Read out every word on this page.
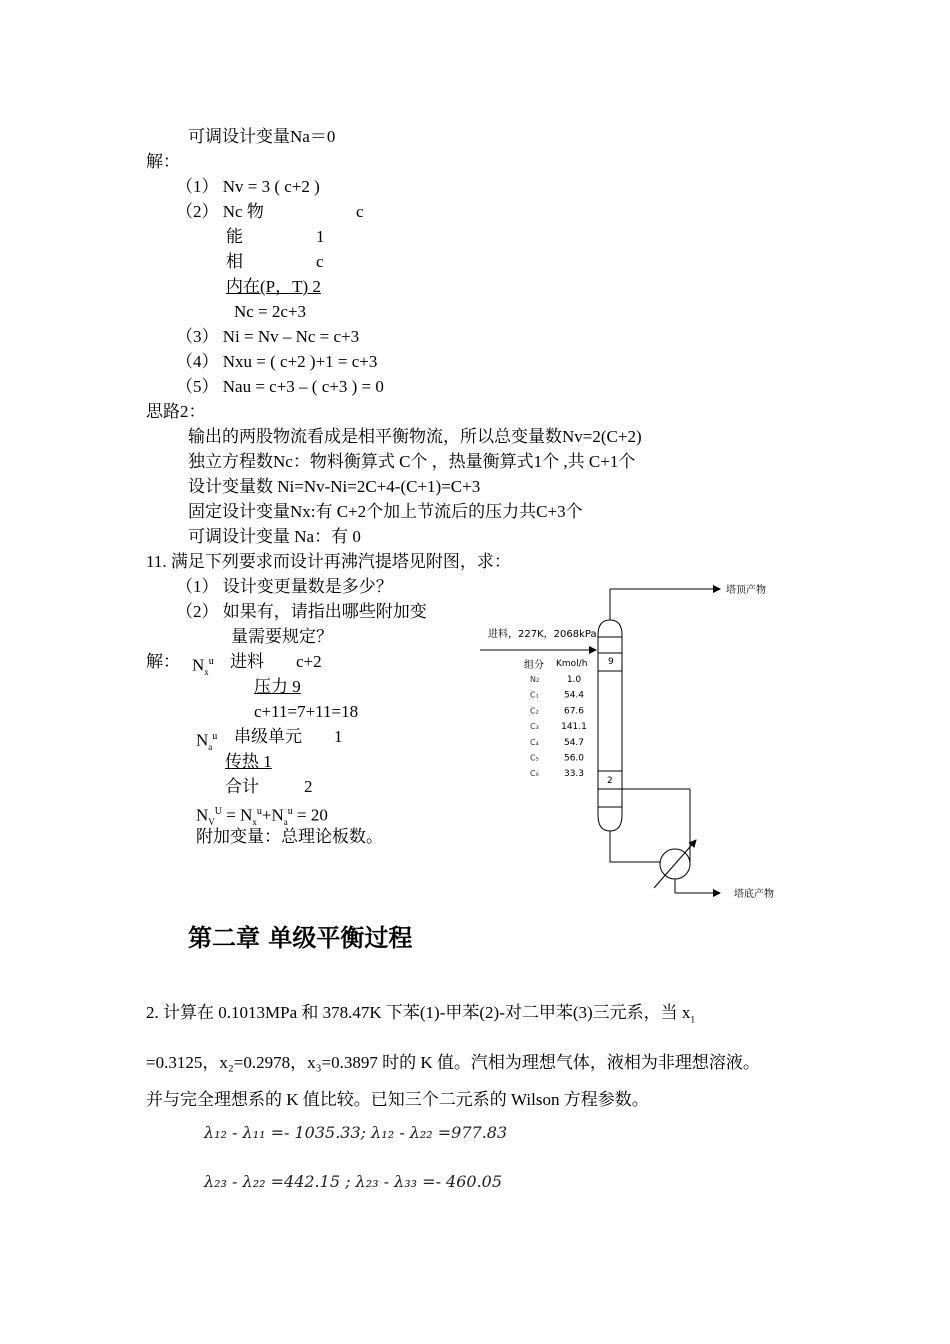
可调设计变量Na＝0
解：
（1） Nv = 3 ( c+2 )
（2） Nc 物	c
能	1
相	c
内在(P，T) 2
Nc = 2c+3
（3） Ni = Nv – Nc = c+3
（4） Nxu = ( c+2 )+1 = c+3
（5） Nau = c+3 – ( c+3 ) = 0
思路2：
输出的两股物流看成是相平衡物流，所以总变量数Nv=2(C+2)
独立方程数Nc：物料衡算式 C个 ，热量衡算式1个 ,共 C+1个
设计变量数 Ni=Nv-Ni=2C+4-(C+1)=C+3
固定设计变量Nx:有 C+2个加上节流后的压力共C+3个
可调设计变量 Na：有 0
11. 满足下列要求而设计再沸汽提塔见附图，求：
（1） 设计变更量数是多少？
（2） 如果有，请指出哪些附加变
量需要规定？
解： $N_x^u$ 进料 c+2
压力 9
c+11=7+11=18
$N_a^u$ 串级单元 1
传热 1
合计	2
$N_V^U = N_x^u+N_a^u = 20$
附加变量：总理论板数。
塔顶产物
9
2
进料，227K，2068kPa
组分 Kmol/h
N₂	1.0
C₁	54.4
C₂	67.6
C₃ 141.1
C₄	54.7
C₅	56.0
C₆	33.3
塔底产物
第二章 单级平衡过程
2. 计算在 0.1013MPa 和 378.47K 下苯(1)-甲苯(2)-对二甲苯(3)三元系，当 $x_1$
=0.3125，x₂=0.2978，x₃=0.3897 时的 K 值。汽相为理想气体，液相为非理想溶液。
并与完全理想系的 K 值比较。已知三个二元系的 Wilson 方程参数。
λ₁₂ - λ₁₁ =- 1035.33; λ₁₂ - λ₂₂ =977.83
λ₂₃ - λ₂₂ =442.15 ; λ₂₃ - λ₃₃ =- 460.05
